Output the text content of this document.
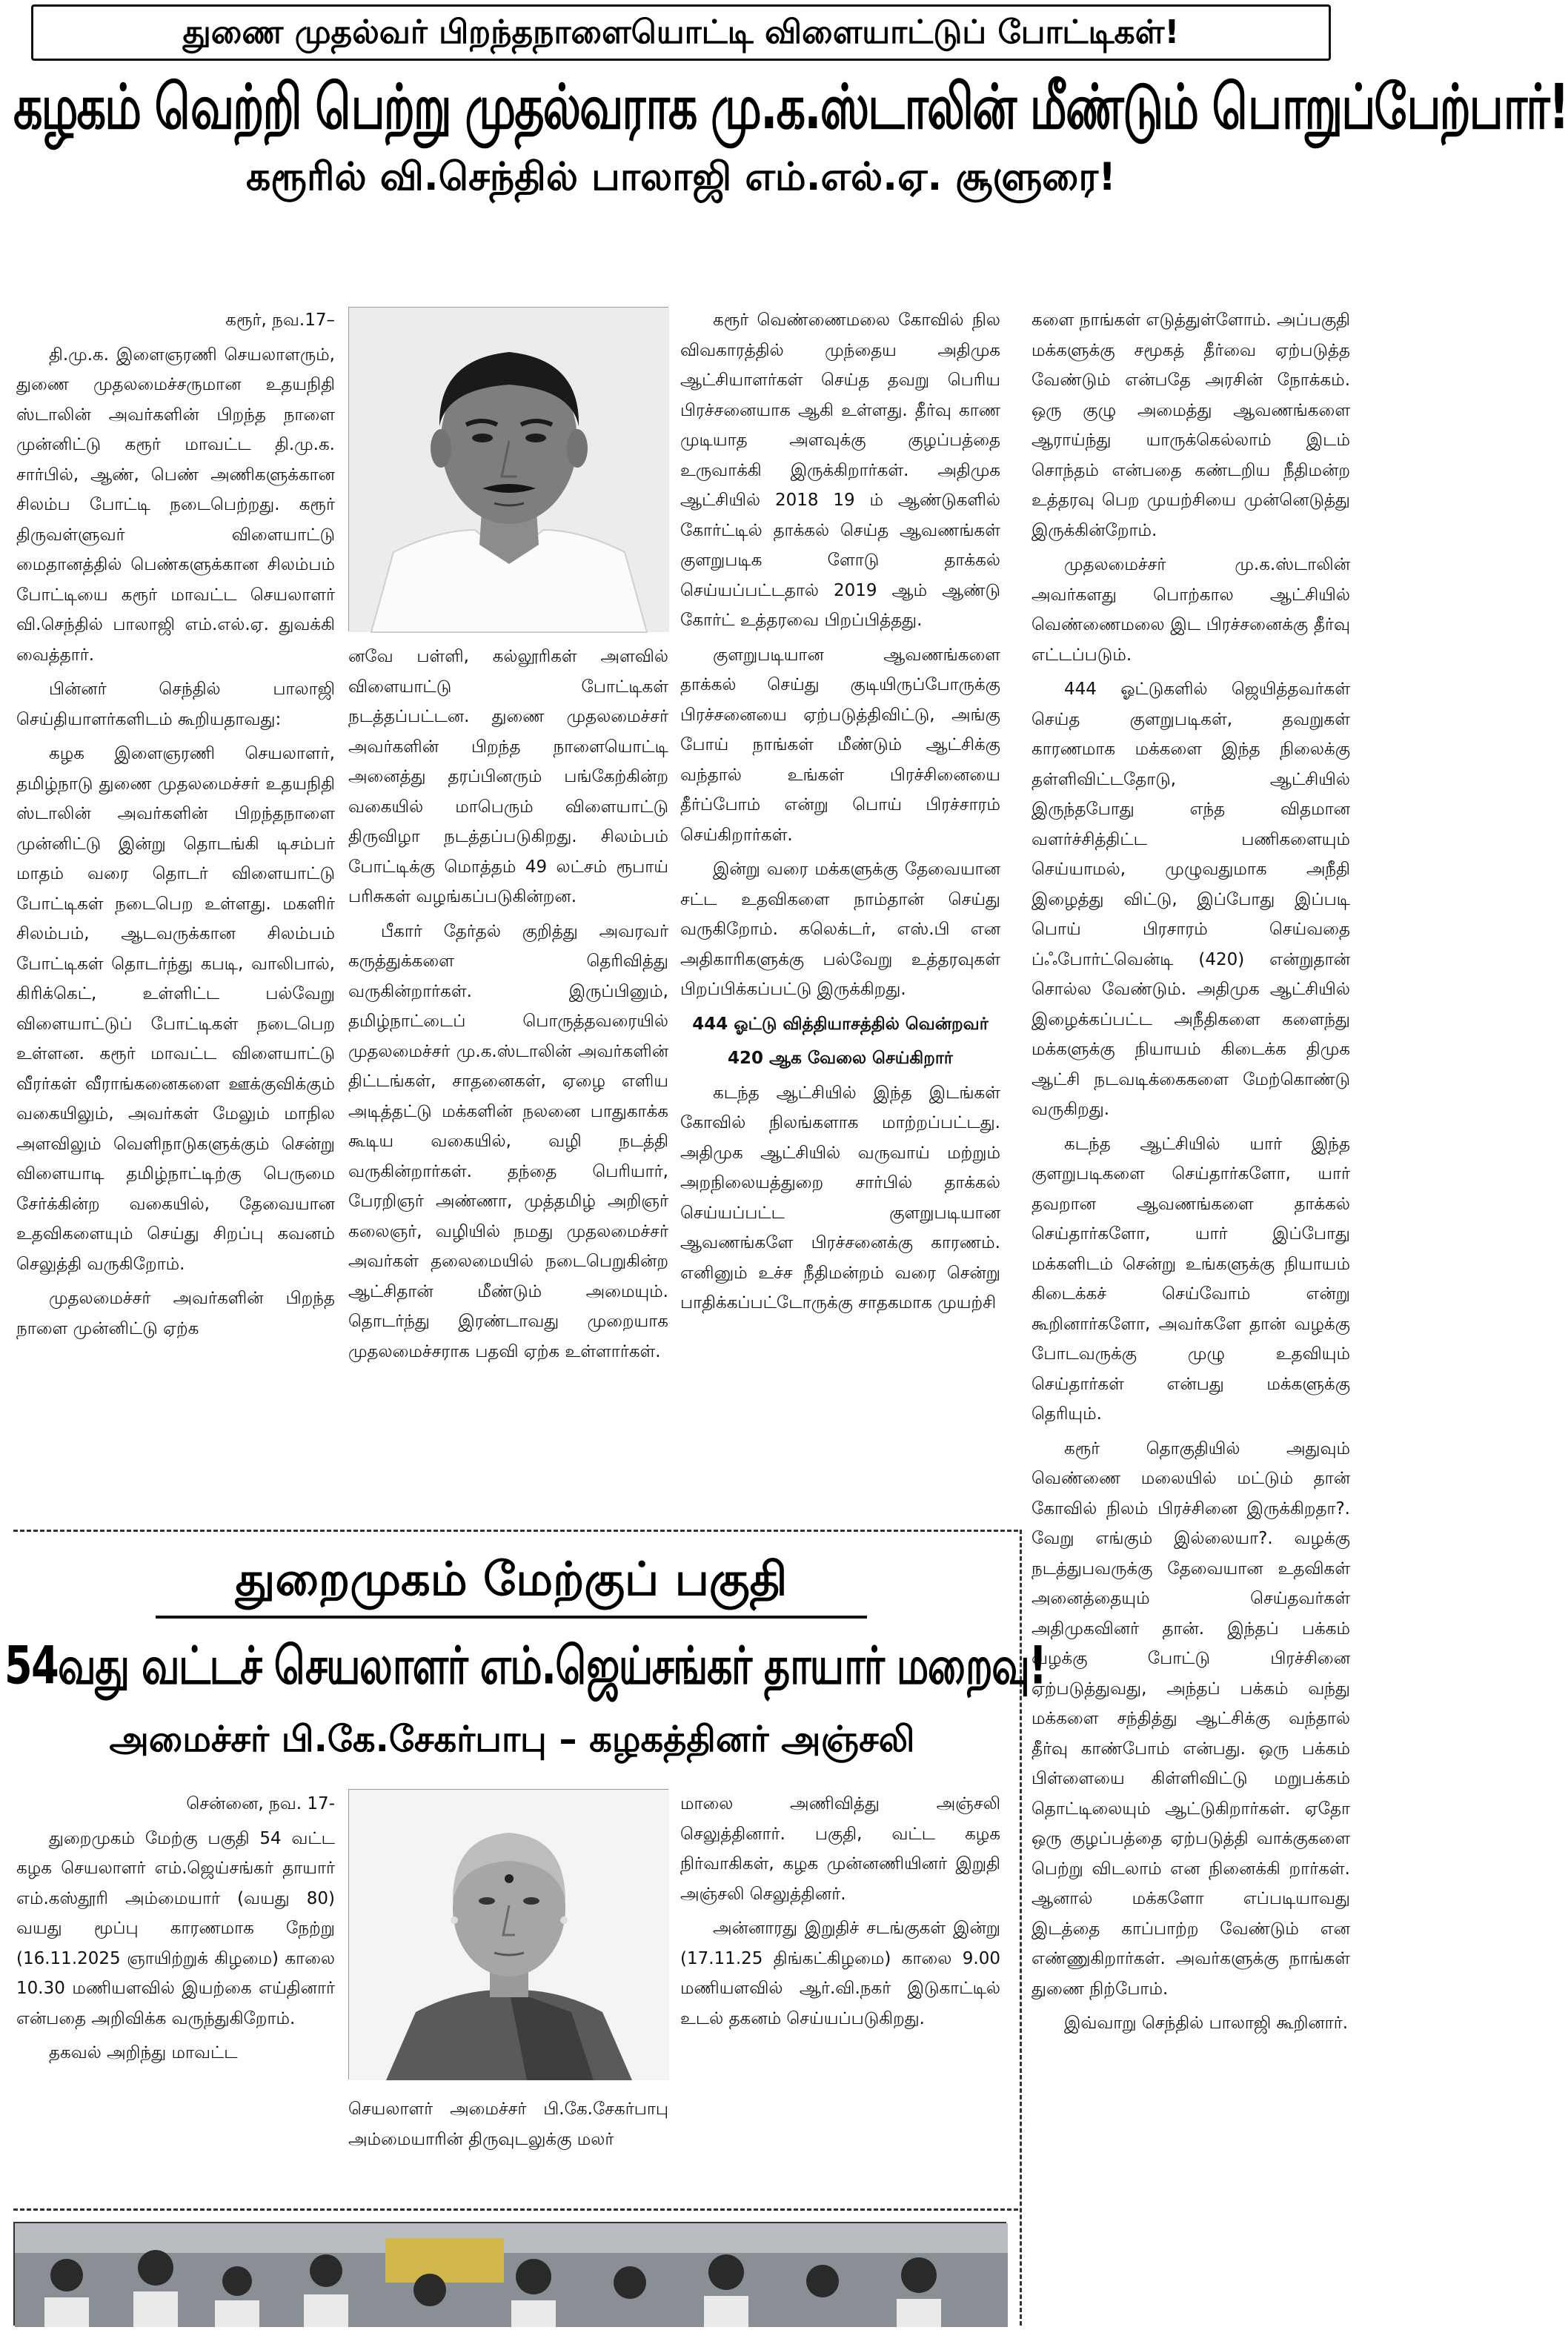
துணை முதல்வர் பிறந்தநாளையொட்டி விளையாட்டுப் போட்டிகள்!
கழகம் வெற்றி பெற்று முதல்வராக மு.க.ஸ்டாலின் மீண்டும் பொறுப்பேற்பார்!
கரூரில் வி.செந்தில் பாலாஜி எம்.எல்.ஏ. சூளுரை!

கரூர், நவ.17–

தி.மு.க. இளைஞரணி செயலாளரும், துணை முதலமைச்சருமான உதயநிதி ஸ்டாலின் அவர்களின் பிறந்த நாளை முன்னிட்டு கரூர் மாவட்ட தி.மு.க. சார்பில், ஆண், பெண் அணிகளுக்கான சிலம்ப போட்டி நடைபெற்றது. கரூர் திருவள்ளுவர் விளையாட்டு மைதானத்தில் பெண்களுக்கான சிலம்பம் போட்டியை கரூர் மாவட்ட செயலாளர் வி.செந்தில் பாலாஜி எம்.எல்.ஏ. துவக்கி வைத்தார்.

பின்னர் செந்தில் பாலாஜி செய்தியாளர்களிடம் கூறியதாவது:

கழக இளைஞரணி செயலாளர், தமிழ்நாடு துணை முதலமைச்சர் உதயநிதி ஸ்டாலின் அவர்களின் பிறந்தநாளை முன்னிட்டு இன்று தொடங்கி டிசம்பர் மாதம் வரை தொடர் விளையாட்டு போட்டிகள் நடைபெற உள்ளது. மகளிர் சிலம்பம், ஆடவருக்கான சிலம்பம் போட்டிகள் தொடர்ந்து கபடி, வாலிபால், கிரிக்கெட், உள்ளிட்ட பல்வேறு விளையாட்டுப் போட்டிகள் நடைபெற உள்ளன. கரூர் மாவட்ட விளையாட்டு வீரர்கள் வீராங்கனைகளை ஊக்குவிக்கும் வகையிலும், அவர்கள் மேலும் மாநில அளவிலும் வெளிநாடுகளுக்கும் சென்று விளையாடி தமிழ்நாட்டிற்கு பெருமை சேர்க்கின்ற வகையில், தேவையான உதவிகளையும் செய்து சிறப்பு கவனம் செலுத்தி வருகிறோம்.

முதலமைச்சர் அவர்களின் பிறந்த நாளை முன்னிட்டு ஏற்க

னவே பள்ளி, கல்லூரிகள் அளவில் விளையாட்டு போட்டிகள் நடத்தப்பட்டன. துணை முதலமைச்சர் அவர்களின் பிறந்த நாளையொட்டி அனைத்து தரப்பினரும் பங்கேற்கின்ற வகையில் மாபெரும் விளையாட்டு திருவிழா நடத்தப்படுகிறது. சிலம்பம் போட்டிக்கு மொத்தம் 49 லட்சம் ரூபாய் பரிசுகள் வழங்கப்படுகின்றன.

பீகார் தேர்தல் குறித்து அவரவர் கருத்துக்களை தெரிவித்து வருகின்றார்கள். இருப்பினும், தமிழ்நாட்டைப் பொருத்தவரையில் முதலமைச்சர் மு.க.ஸ்டாலின் அவர்களின் திட்டங்கள், சாதனைகள், ஏழை எளிய அடித்தட்டு மக்களின் நலனை பாதுகாக்க கூடிய வகையில், வழி நடத்தி வருகின்றார்கள். தந்தை பெரியார், பேரறிஞர் அண்ணா, முத்தமிழ் அறிஞர் கலைஞர், வழியில் நமது முதலமைச்சர் அவர்கள் தலைமையில் நடைபெறுகின்ற ஆட்சிதான் மீண்டும் அமையும். தொடர்ந்து இரண்டாவது முறையாக முதலமைச்சராக பதவி ஏற்க உள்ளார்கள்.

கரூர் வெண்ணைமலை கோவில் நில விவகாரத்தில் முந்தைய அதிமுக ஆட்சியாளர்கள் செய்த தவறு பெரிய பிரச்சனையாக ஆகி உள்ளது. தீர்வு காண முடியாத அளவுக்கு குழப்பத்தை உருவாக்கி இருக்கிறார்கள். அதிமுக ஆட்சியில் 2018 19 ம் ஆண்டுகளில் கோர்ட்டில் தாக்கல் செய்த ஆவணங்கள் குளறுபடிக ளோடு தாக்கல் செய்யப்பட்டதால் 2019 ஆம் ஆண்டு கோர்ட் உத்தரவை பிறப்பித்தது.

குளறுபடியான ஆவணங்களை தாக்கல் செய்து குடியிருப்போருக்கு பிரச்சனையை ஏற்படுத்திவிட்டு, அங்கு போய் நாங்கள் மீண்டும் ஆட்சிக்கு வந்தால் உங்கள் பிரச்சினையை தீர்ப்போம் என்று பொய் பிரச்சாரம் செய்கிறார்கள்.

இன்று வரை மக்களுக்கு தேவையான சட்ட உதவிகளை நாம்தான் செய்து வருகிறோம். கலெக்டர், எஸ்.பி என அதிகாரிகளுக்கு பல்வேறு உத்தரவுகள் பிறப்பிக்கப்பட்டு இருக்கிறது.

444 ஓட்டு வித்தியாசத்தில் வென்றவர்

420 ஆக வேலை செய்கிறார்

கடந்த ஆட்சியில் இந்த இடங்கள் கோவில் நிலங்களாக மாற்றப்பட்டது. அதிமுக ஆட்சியில் வருவாய் மற்றும் அறநிலையத்துறை சார்பில் தாக்கல் செய்யப்பட்ட குளறுபடியான ஆவணங்களே பிரச்சனைக்கு காரணம். எனினும் உச்ச நீதிமன்றம் வரை சென்று பாதிக்கப்பட்டோருக்கு சாதகமாக முயற்சி

களை நாங்கள் எடுத்துள்ளோம். அப்பகுதி மக்களுக்கு சமூகத் தீர்வை ஏற்படுத்த வேண்டும் என்பதே அரசின் நோக்கம். ஒரு குழு அமைத்து ஆவணங்களை ஆராய்ந்து யாருக்கெல்லாம் இடம் சொந்தம் என்பதை கண்டறிய நீதிமன்ற உத்தரவு பெற முயற்சியை முன்னெடுத்து இருக்கின்றோம்.

முதலமைச்சர் மு.க.ஸ்டாலின் அவர்களது பொற்கால ஆட்சியில் வெண்ணைமலை இட பிரச்சனைக்கு தீர்வு எட்டப்படும்.

444 ஓட்டுகளில் ஜெயித்தவர்கள் செய்த குளறுபடிகள், தவறுகள் காரணமாக மக்களை இந்த நிலைக்கு தள்ளிவிட்டதோடு, ஆட்சியில் இருந்தபோது எந்த விதமான வளர்ச்சித்திட்ட பணிகளையும் செய்யாமல், முழுவதுமாக அநீதி இழைத்து விட்டு, இப்போது இப்படி பொய் பிரசாரம் செய்வதை ப்ஃபோர்ட்வென்டி (420) என்றுதான் சொல்ல வேண்டும். அதிமுக ஆட்சியில் இழைக்கப்பட்ட அநீதிகளை களைந்து மக்களுக்கு நியாயம் கிடைக்க திமுக ஆட்சி நடவடிக்கைகளை மேற்கொண்டு வருகிறது.

கடந்த ஆட்சியில் யார் இந்த குளறுபடிகளை செய்தார்களோ, யார் தவறான ஆவணங்களை தாக்கல் செய்தார்களோ, யார் இப்போது மக்களிடம் சென்று உங்களுக்கு நியாயம் கிடைக்கச் செய்வோம் என்று கூறினார்களோ, அவர்களே தான் வழக்கு போடவருக்கு முழு உதவியும் செய்தார்கள் என்பது மக்களுக்கு தெரியும்.

கரூர் தொகுதியில் அதுவும் வெண்ணை மலையில் மட்டும் தான் கோவில் நிலம் பிரச்சினை இருக்கிறதா?. வேறு எங்கும் இல்லையா?. வழக்கு நடத்துபவருக்கு தேவையான உதவிகள் அனைத்தையும் செய்தவர்கள் அதிமுகவினர் தான். இந்தப் பக்கம் வழக்கு போட்டு பிரச்சினை ஏற்படுத்துவது, அந்தப் பக்கம் வந்து மக்களை சந்தித்து ஆட்சிக்கு வந்தால் தீர்வு காண்போம் என்பது. ஒரு பக்கம் பிள்ளையை கிள்ளிவிட்டு மறுபக்கம் தொட்டிலையும் ஆட்டுகிறார்கள். ஏதோ ஒரு குழப்பத்தை ஏற்படுத்தி வாக்குகளை பெற்று விடலாம் என நினைக்கி றார்கள். ஆனால் மக்களோ எப்படியாவது இடத்தை காப்பாற்ற வேண்டும் என எண்ணுகிறார்கள். அவர்களுக்கு நாங்கள் துணை நிற்போம்.

இவ்வாறு செந்தில் பாலாஜி கூறினார்.

துறைமுகம் மேற்குப் பகுதி
54வது வட்டச் செயலாளர் எம்.ஜெய்சங்கர் தாயார் மறைவு!
அமைச்சர் பி.கே.சேகர்பாபு – கழகத்தினர் அஞ்சலி

சென்னை, நவ. 17-

துறைமுகம் மேற்கு பகுதி 54 வட்ட கழக செயலாளர் எம்.ஜெய்சங்கர் தாயார் எம்.கஸ்தூரி அம்மையார் (வயது 80) வயது மூப்பு காரணமாக நேற்று (16.11.2025 ஞாயிற்றுக் கிழமை) காலை 10.30 மணியளவில் இயற்கை எய்தினார் என்பதை அறிவிக்க வருந்துகிறோம்.

தகவல் அறிந்து மாவட்ட

செயலாளர் அமைச்சர் பி.கே.சேகர்பாபு அம்மையாரின் திருவுடலுக்கு மலர்

மாலை அணிவித்து அஞ்சலி செலுத்தினார். பகுதி, வட்ட கழக நிர்வாகிகள், கழக முன்னணியினர் இறுதி அஞ்சலி செலுத்தினர்.

அன்னாரது இறுதிச் சடங்குகள் இன்று (17.11.25 திங்கட்கிழமை) காலை 9.00 மணியளவில் ஆர்.வி.நகர் இடுகாட்டில் உடல் தகனம் செய்யப்படுகிறது.
